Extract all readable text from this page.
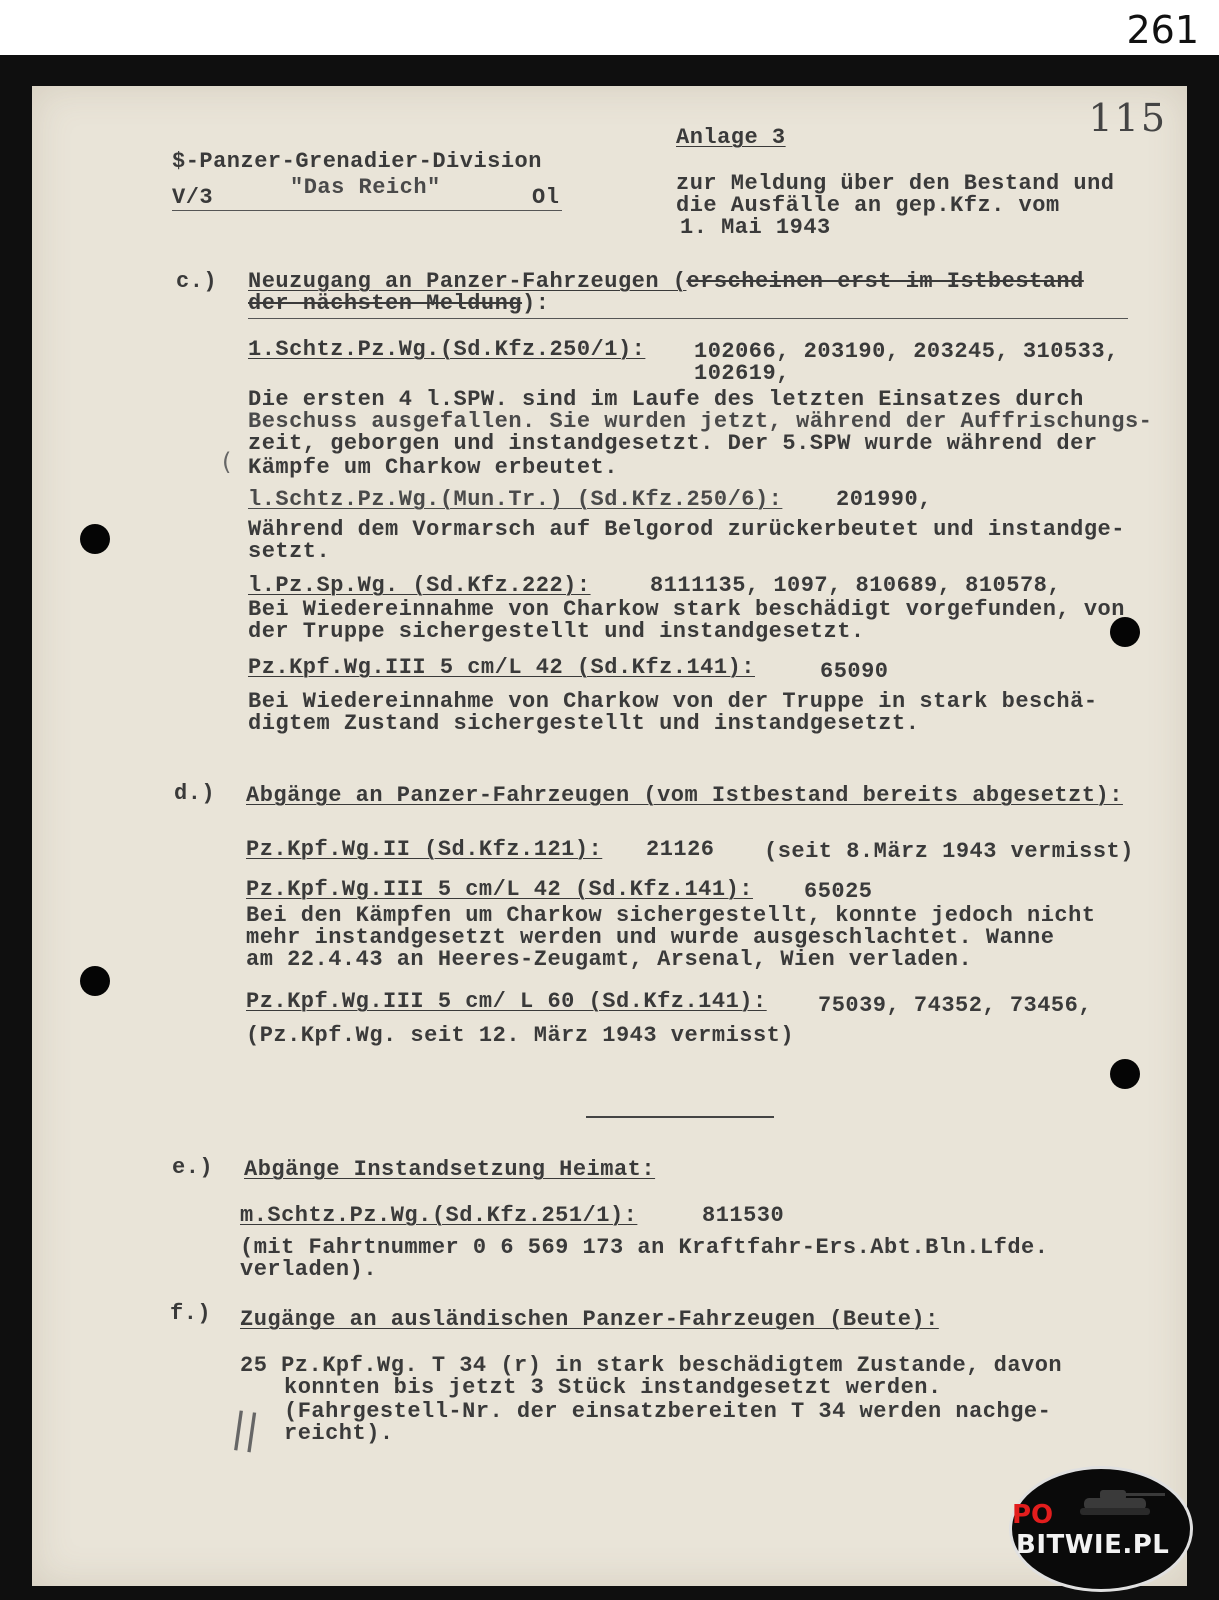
261
115
$-Panzer-Grenadier-Division
V/3	"Das Reich"	Ol
Anlage 3
zur Meldung über den Bestand und
die Ausfälle an gep.Kfz. vom
1. Mai 1943
c.) Neuzugang an Panzer-Fahrzeugen (erscheinen erst im Istbestand
der nächsten Meldung):
1.Schtz.Pz.Wg.(Sd.Kfz.250/1): 102066, 203190, 203245, 310533,
102619,
Die ersten 4 l.SPW. sind im Laufe des letzten Einsatzes durch
Beschuss ausgefallen. Sie wurden jetzt, während der Auffrischungs-
zeit, geborgen und instandgesetzt. Der 5.SPW wurde während der
Kämpfe um Charkow erbeutet.
(
l.Schtz.Pz.Wg.(Mun.Tr.) (Sd.Kfz.250/6): 201990,
Während dem Vormarsch auf Belgorod zurückerbeutet und instandge-
setzt.
l.Pz.Sp.Wg. (Sd.Kfz.222):	8111135, 1097, 810689, 810578,
Bei Wiedereinnahme von Charkow stark beschädigt vorgefunden, von
der Truppe sichergestellt und instandgesetzt.
Pz.Kpf.Wg.III 5 cm/L 42 (Sd.Kfz.141):	65090
Bei Wiedereinnahme von Charkow von der Truppe in stark beschä-
digtem Zustand sichergestellt und instandgesetzt.
d.) Abgänge an Panzer-Fahrzeugen (vom Istbestand bereits abgesetzt):
Pz.Kpf.Wg.II (Sd.Kfz.121): 21126 (seit 8.März 1943 vermisst)
Pz.Kpf.Wg.III 5 cm/L 42 (Sd.Kfz.141): 65025
Bei den Kämpfen um Charkow sichergestellt, konnte jedoch nicht
mehr instandgesetzt werden und wurde ausgeschlachtet. Wanne
am 22.4.43 an Heeres-Zeugamt, Arsenal, Wien verladen.
Pz.Kpf.Wg.III 5 cm/ L 60 (Sd.Kfz.141): 75039, 74352, 73456,
(Pz.Kpf.Wg. seit 12. März 1943 vermisst)
e.) Abgänge Instandsetzung Heimat:
m.Schtz.Pz.Wg.(Sd.Kfz.251/1):	811530
(mit Fahrtnummer 0 6 569 173 an Kraftfahr-Ers.Abt.Bln.Lfde.
verladen).
f.) Zugänge an ausländischen Panzer-Fahrzeugen (Beute):
25 Pz.Kpf.Wg. T 34 (r) in stark beschädigtem Zustande, davon
konnten bis jetzt 3 Stück instandgesetzt werden.
(Fahrgestell-Nr. der einsatzbereiten T 34 werden nachge-
reicht).
||
PO
BITWIE.PL
